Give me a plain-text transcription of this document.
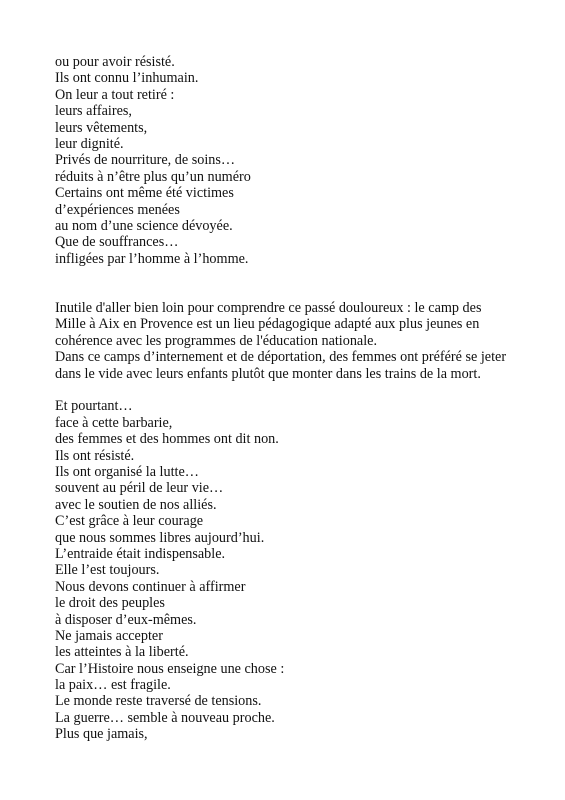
ou pour avoir résisté.
Ils ont connu l’inhumain.
On leur a tout retiré :
leurs affaires,
leurs vêtements,
leur dignité.
Privés de nourriture, de soins…
réduits à n’être plus qu’un numéro
Certains ont même été victimes
d’expériences menées
au nom d’une science dévoyée.
Que de souffrances…
infligées par l’homme à l’homme.
Inutile d'aller bien loin pour comprendre ce passé douloureux : le camp des
Mille à Aix en Provence est un lieu pédagogique adapté aux plus jeunes en
cohérence avec les programmes de l'éducation nationale.
Dans ce camps d’internement et de déportation, des femmes ont préféré se jeter
dans le vide avec leurs enfants plutôt que monter dans les trains de la mort.
Et pourtant…
face à cette barbarie,
des femmes et des hommes ont dit non.
Ils ont résisté.
Ils ont organisé la lutte…
souvent au péril de leur vie…
avec le soutien de nos alliés.
C’est grâce à leur courage
que nous sommes libres aujourd’hui.
L’entraide était indispensable.
Elle l’est toujours.
Nous devons continuer à affirmer
le droit des peuples
à disposer d’eux-mêmes.
Ne jamais accepter
les atteintes à la liberté.
Car l’Histoire nous enseigne une chose :
la paix… est fragile.
Le monde reste traversé de tensions.
La guerre… semble à nouveau proche.
Plus que jamais,
